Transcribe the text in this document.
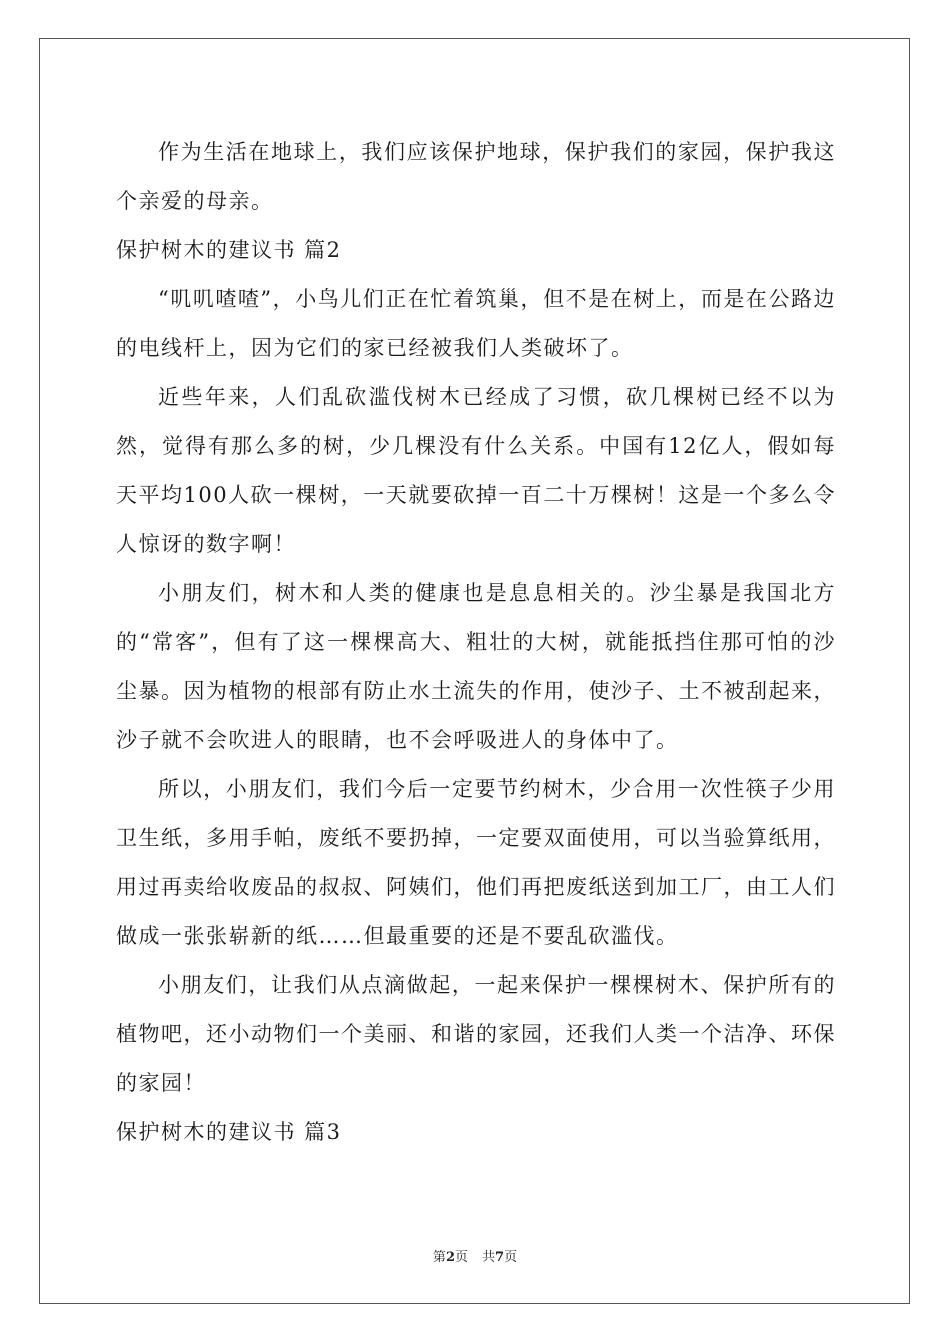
作为生活在地球上，我们应该保护地球，保护我们的家园，保护我这个亲爱的母亲。

保护树木的建议书 篇2

“叽叽喳喳”，小鸟儿们正在忙着筑巢，但不是在树上，而是在公路边的电线杆上，因为它们的家已经被我们人类破坏了。

近些年来，人们乱砍滥伐树木已经成了习惯，砍几棵树已经不以为然，觉得有那么多的树，少几棵没有什么关系。中国有12亿人，假如每天平均100人砍一棵树，一天就要砍掉一百二十万棵树！这是一个多么令人惊讶的数字啊！

小朋友们，树木和人类的健康也是息息相关的。沙尘暴是我国北方的“常客”，但有了这一棵棵高大、粗壮的大树，就能抵挡住那可怕的沙尘暴。因为植物的根部有防止水土流失的作用，使沙子、土不被刮起来，沙子就不会吹进人的眼睛，也不会呼吸进人的身体中了。

所以，小朋友们，我们今后一定要节约树木，少合用一次性筷子少用卫生纸，多用手帕，废纸不要扔掉，一定要双面使用，可以当验算纸用，用过再卖给收废品的叔叔、阿姨们，他们再把废纸送到加工厂，由工人们做成一张张崭新的纸……但最重要的还是不要乱砍滥伐。

小朋友们，让我们从点滴做起，一起来保护一棵棵树木、保护所有的植物吧，还小动物们一个美丽、和谐的家园，还我们人类一个洁净、环保的家园！

保护树木的建议书 篇3

第2页 共7页
